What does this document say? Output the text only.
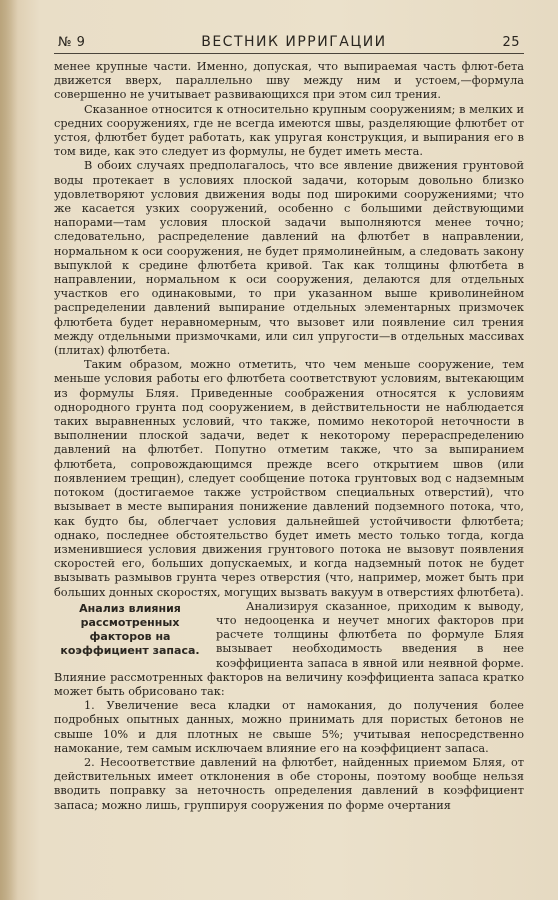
№ 9	ВЕСТНИК ИРРИГАЦИИ	25

менее крупные части. Именно, допуская, что выпираемая часть флют-бета движется вверх, параллельно шву между ним и устоем,—формула совершенно не учитывает развивающихся при этом сил трения.

Сказанное относится к относительно крупным сооружениям; в мелких и средних сооружениях, где не всегда имеются швы, разделяющие флютбет от устоя, флютбет будет работать, как упругая конструкция, и выпирания его в том виде, как это следует из формулы, не будет иметь места.

В обоих случаях предполагалось, что все явление движения грунтовой воды протекает в условиях плоской задачи, которым довольно близко удовлетворяют условия движения воды под широкими сооружениями; что же касается узких сооружений, особенно с большими действующими напорами—там условия плоской задачи выполняются менее точно; следовательно, распределение давлений на флютбет в направлении, нормальном к оси сооружения, не будет прямолинейным, а следовать закону выпуклой к средине флютбета кривой. Так как толщины флютбета в направлении, нормальном к оси сооружения, делаются для отдельных участков его одинаковыми, то при указанном выше криволинейном распределении давлений выпирание отдельных элементарных призмочек флютбета будет неравномерным, что вызовет или появление сил трения между отдельными призмочками, или сил упругости—в отдельных массивах (плитах) флютбета.

Таким образом, можно отметить, что чем меньше сооружение, тем меньше условия работы его флютбета соответствуют условиям, вытекающим из формулы Бляя. Приведенные соображения относятся к условиям однородного грунта под сооружением, в действительности не наблюдается таких выравненных условий, что также, помимо некоторой неточности в выполнении плоской задачи, ведет к некоторому перераспределению давлений на флютбет. Попутно отметим также, что за выпиранием флютбета, сопровождающимся прежде всего открытием швов (или появлением трещин), следует сообщение потока грунтовых вод с надземным потоком (достигаемое также устройством специальных отверстий), что вызывает в месте выпирания понижение давлений подземного потока, что, как будто бы, облегчает условия дальнейшей устойчивости флютбета; однако, последнее обстоятельство будет иметь место только тогда, когда изменившиеся условия движения грунтового потока не вызовут появления скоростей его, больших допускаемых, и когда надземный поток не будет вызывать размывов грунта через отверстия (что, например, может быть при больших донных скоростях, могущих вызвать вакуум в отверстиях флютбета).

Анализ влияния рассмотренных факторов на коэффициент запаса.

Анализируя сказанное, приходим к выводу, что недооценка и неучет многих факторов при расчете толщины флютбета по формуле Бляя вызывает необходимость введения в нее коэффициента запаса в явной или неявной форме. Влияние рассмотренных факторов на величину коэффициента запаса кратко может быть обрисовано так:

1. Увеличение веса кладки от намокания, до получения более подробных опытных данных, можно принимать для пористых бетонов не свыше 10% и для плотных не свыше 5%; учитывая непосредственно намокание, тем самым исключаем влияние его на коэффициент запаса.

2. Несоответствие давлений на флютбет, найденных приемом Бляя, от действительных имеет отклонения в обе стороны, поэтому вообще нельзя вводить поправку за неточность определения давлений в коэффициент запаса; можно лишь, группируя сооружения по форме очертания
